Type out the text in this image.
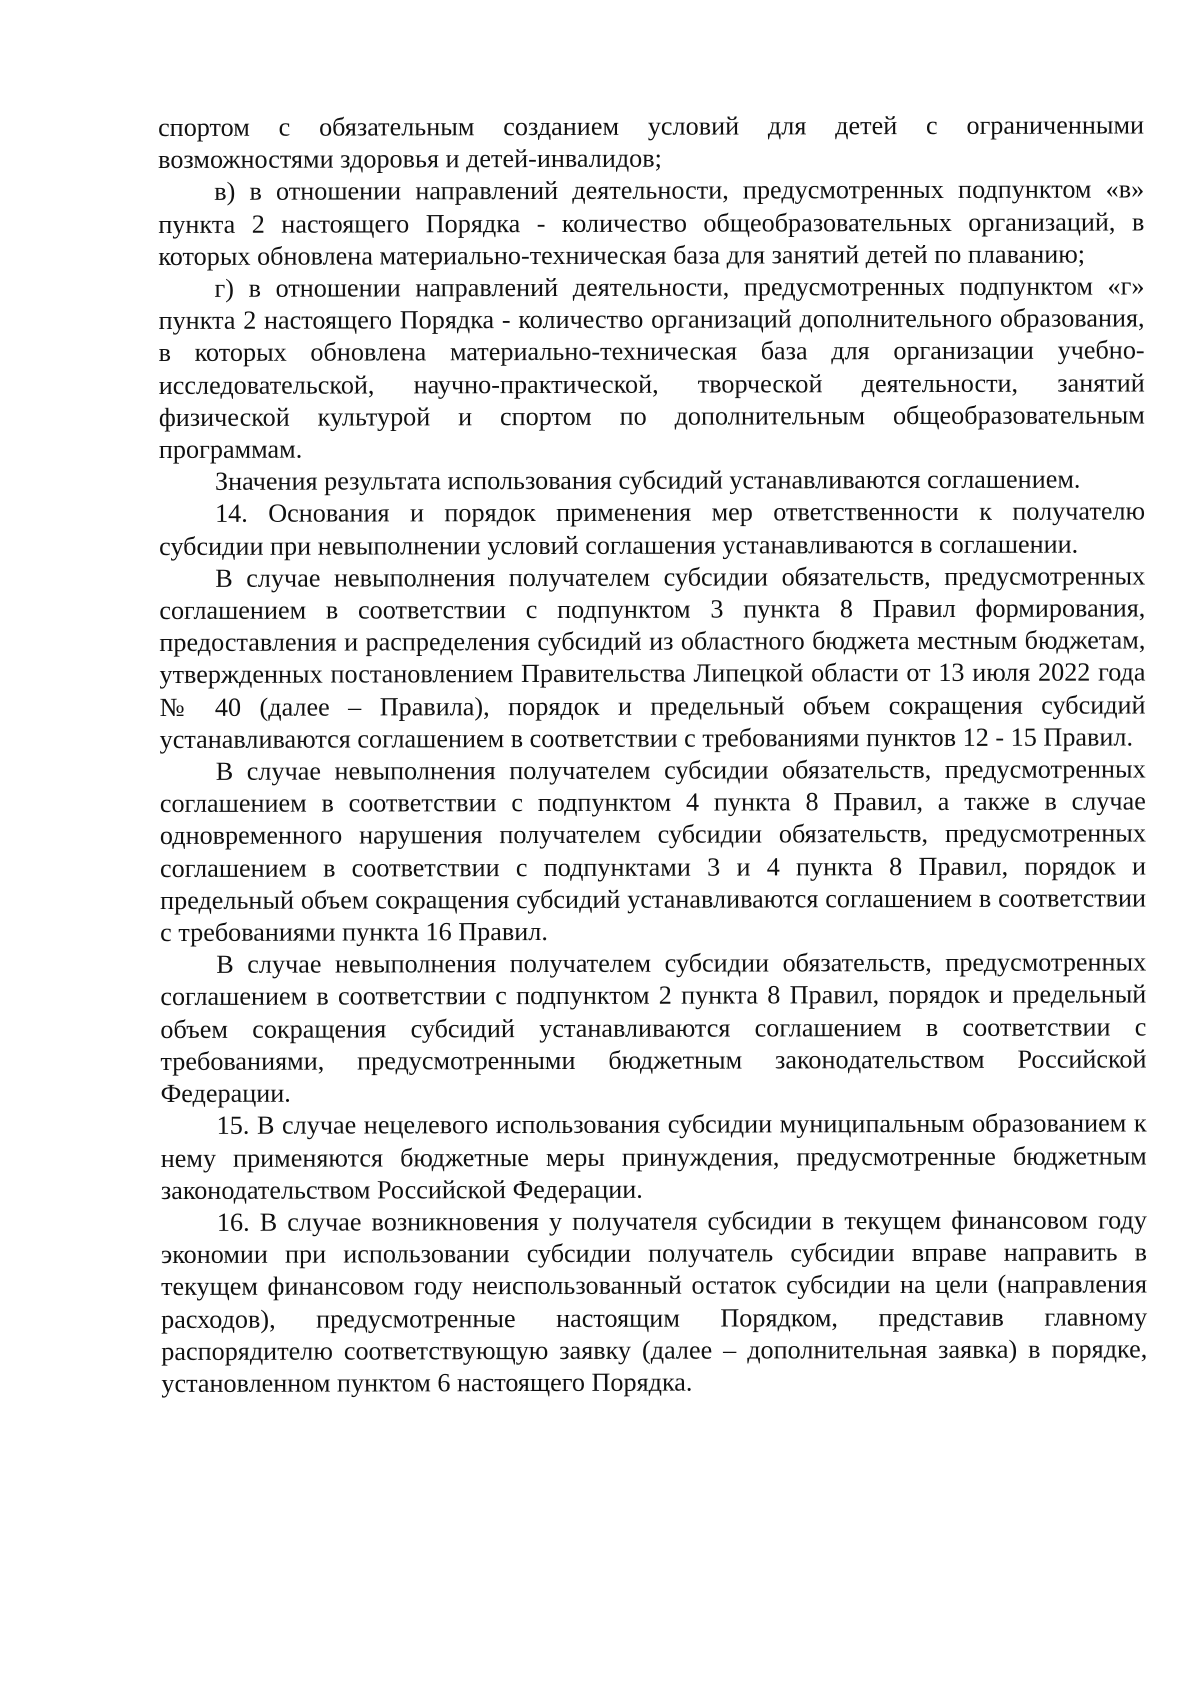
спортом с обязательным созданием условий для детей с ограниченными возможностями здоровья и детей-инвалидов;

в) в отношении направлений деятельности, предусмотренных подпунктом «в» пункта 2 настоящего Порядка - количество общеобразовательных организаций, в которых обновлена материально-техническая база для занятий детей по плаванию;

г) в отношении направлений деятельности, предусмотренных подпунктом «г» пункта 2 настоящего Порядка - количество организаций дополнительного образования, в которых обновлена материально-техническая база для организации учебно-исследовательской, научно-практической, творческой деятельности, занятий физической культурой и спортом по дополнительным общеобразовательным программам.

Значения результата использования субсидий устанавливаются соглашением.

14. Основания и порядок применения мер ответственности к получателю субсидии при невыполнении условий соглашения устанавливаются в соглашении.

В случае невыполнения получателем субсидии обязательств, предусмотренных соглашением в соответствии с подпунктом 3 пункта 8 Правил формирования, предоставления и распределения субсидий из областного бюджета местным бюджетам, утвержденных постановлением Правительства Липецкой области от 13 июля 2022 года № 40 (далее – Правила), порядок и предельный объем сокращения субсидий устанавливаются соглашением в соответствии с требованиями пунктов 12 - 15 Правил.

В случае невыполнения получателем субсидии обязательств, предусмотренных соглашением в соответствии с подпунктом 4 пункта 8 Правил, а также в случае одновременного нарушения получателем субсидии обязательств, предусмотренных соглашением в соответствии с подпунктами 3 и 4 пункта 8 Правил, порядок и предельный объем сокращения субсидий устанавливаются соглашением в соответствии с требованиями пункта 16 Правил.

В случае невыполнения получателем субсидии обязательств, предусмотренных соглашением в соответствии с подпунктом 2 пункта 8 Правил, порядок и предельный объем сокращения субсидий устанавливаются соглашением в соответствии с требованиями, предусмотренными бюджетным законодательством Российской Федерации.

15. В случае нецелевого использования субсидии муниципальным образованием к нему применяются бюджетные меры принуждения, предусмотренные бюджетным законодательством Российской Федерации.

16. В случае возникновения у получателя субсидии в текущем финансовом году экономии при использовании субсидии получатель субсидии вправе направить в текущем финансовом году неиспользованный остаток субсидии на цели (направления расходов), предусмотренные настоящим Порядком, представив главному распорядителю соответствующую заявку (далее – дополнительная заявка) в порядке, установленном пунктом 6 настоящего Порядка.
